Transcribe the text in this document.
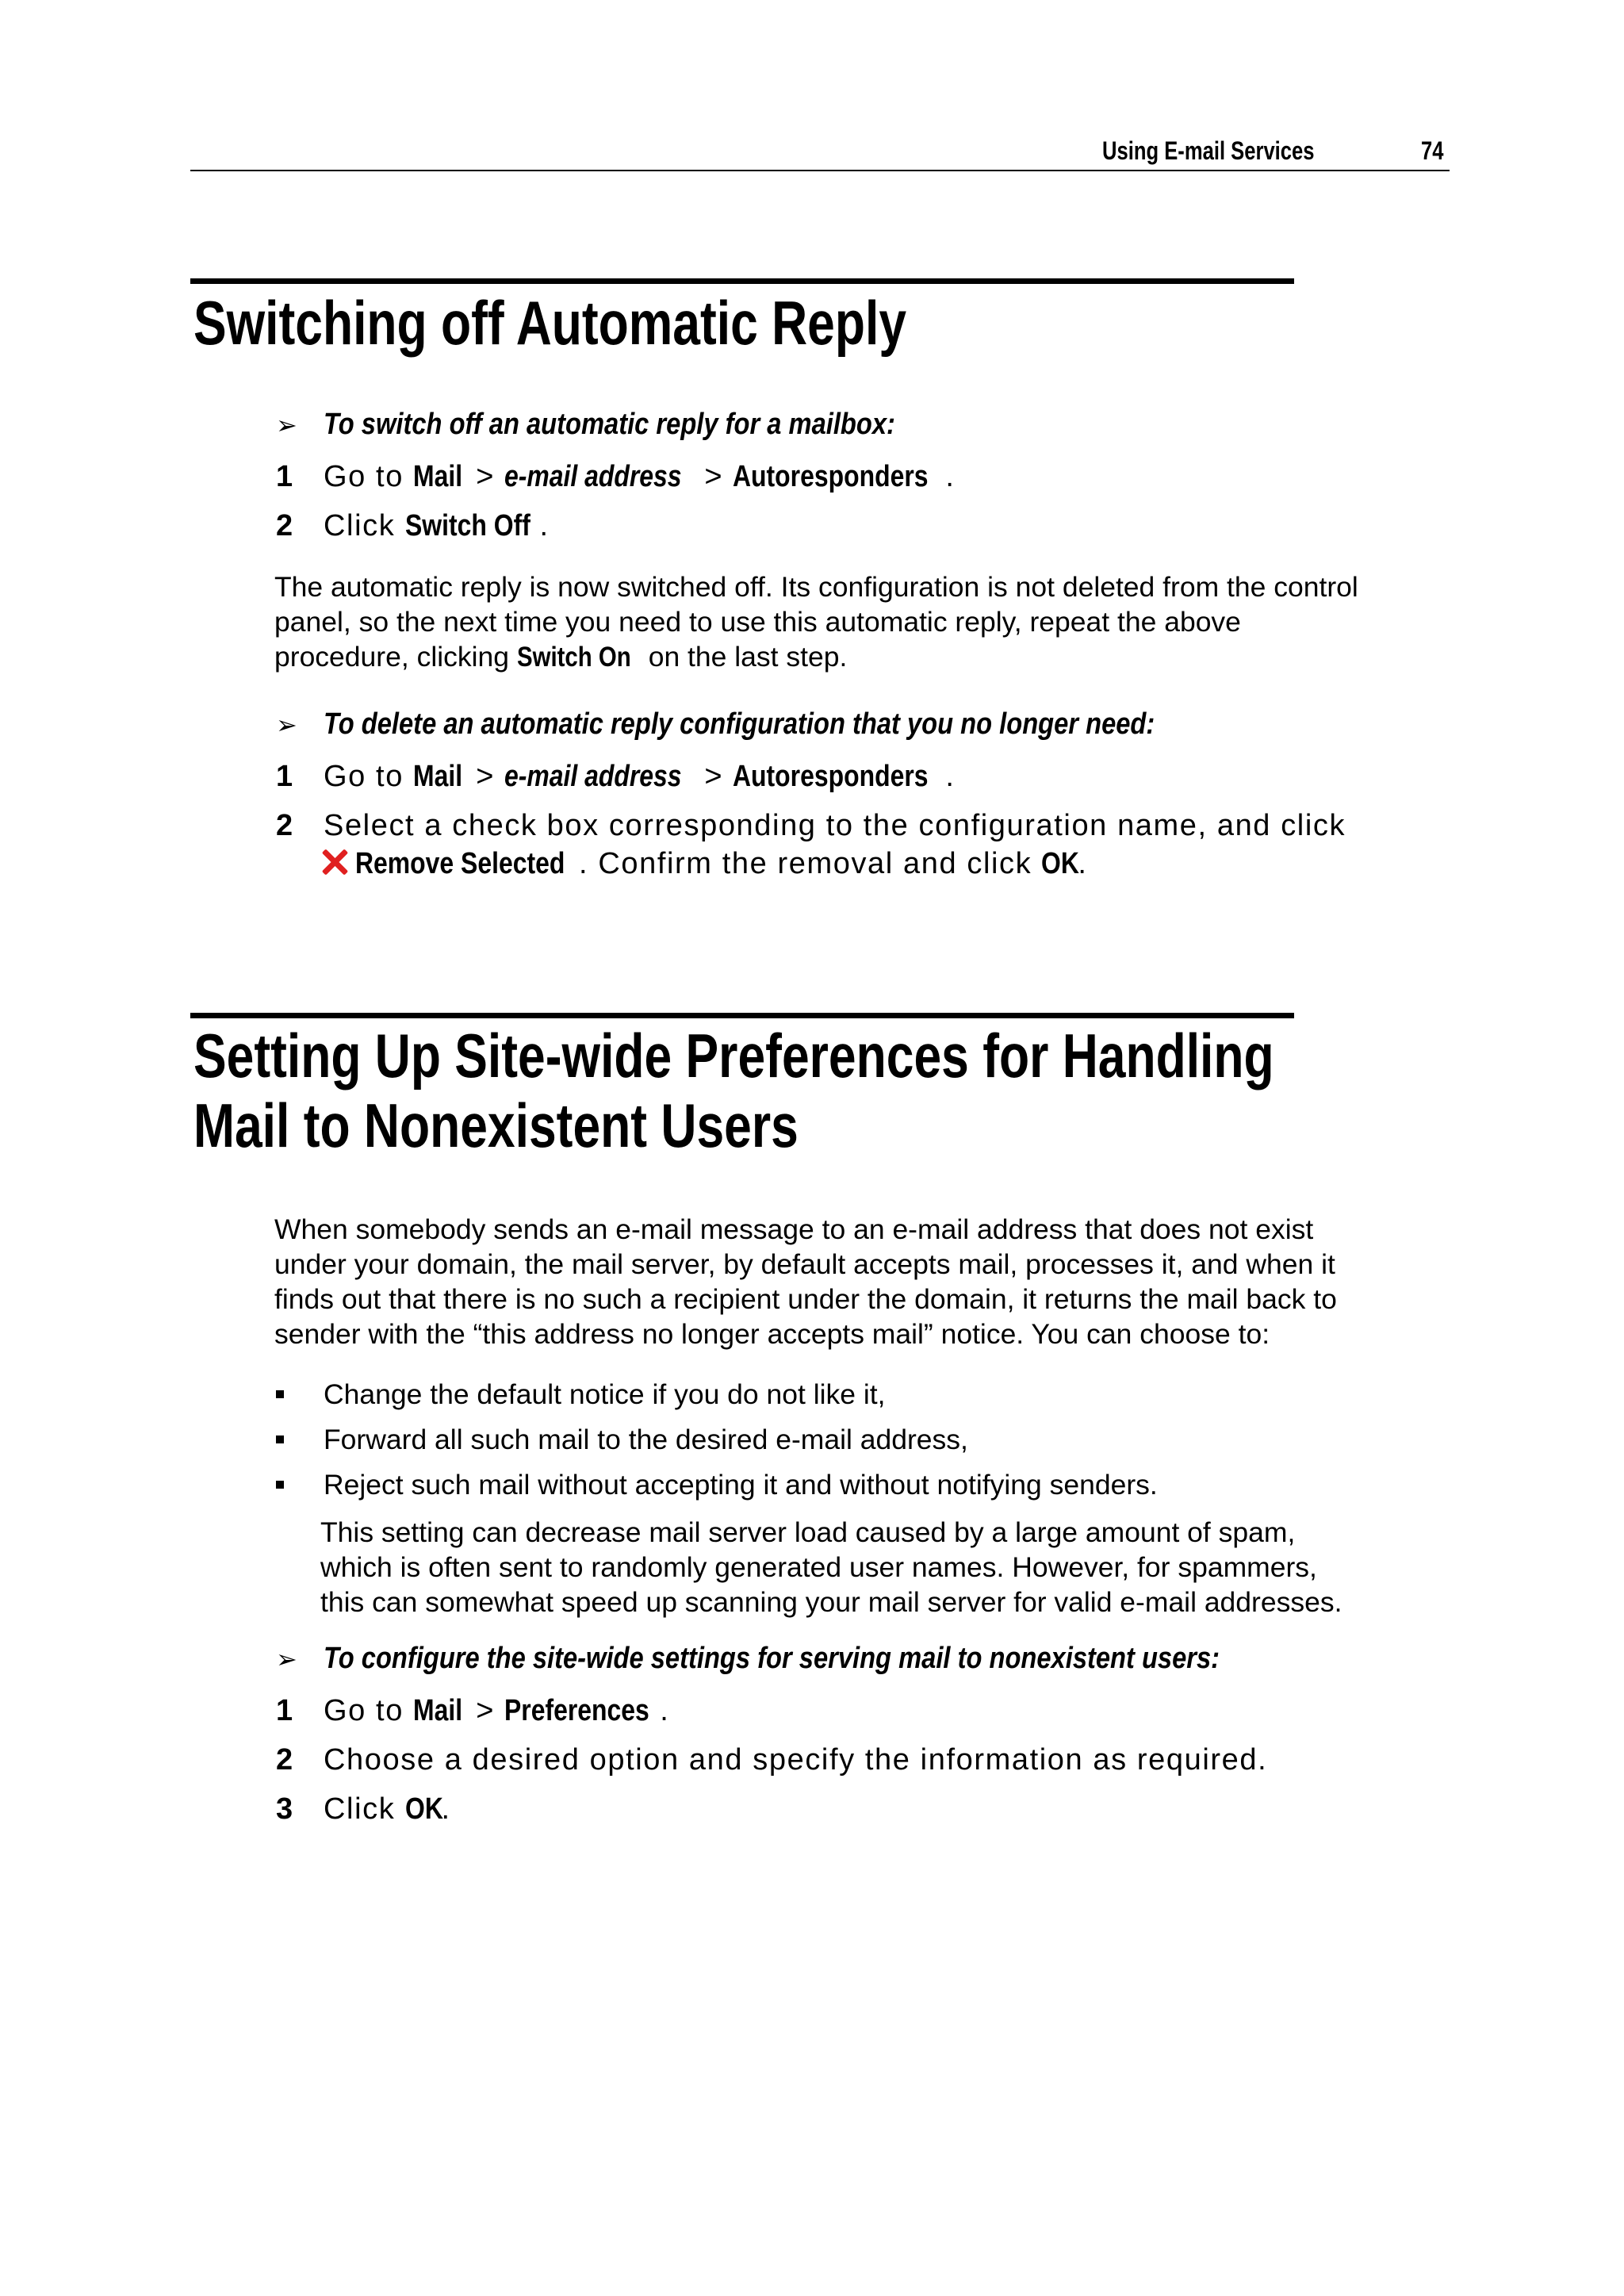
Using E-mail Services	74
Switching off Automatic Reply
➢ To switch off an automatic reply for a mailbox:
1 Go to Mail > e-mail address > Autoresponders .
2 Click Switch Off .
The automatic reply is now switched off. Its configuration is not deleted from the control
panel, so the next time you need to use this automatic reply, repeat the above
procedure, clicking Switch On on the last step.
➢ To delete an automatic reply configuration that you no longer need:
1 Go to Mail > e-mail address > Autoresponders .
2 Select a check box corresponding to the configuration name, and click
Remove Selected . Confirm the removal and click OK.
Setting Up Site-wide Preferences for Handling
Mail to Nonexistent Users
When somebody sends an e-mail message to an e-mail address that does not exist
under your domain, the mail server, by default accepts mail, processes it, and when it
finds out that there is no such a recipient under the domain, it returns the mail back to
sender with the “this address no longer accepts mail” notice. You can choose to:
Change the default notice if you do not like it,
Forward all such mail to the desired e-mail address,
Reject such mail without accepting it and without notifying senders.
This setting can decrease mail server load caused by a large amount of spam,
which is often sent to randomly generated user names. However, for spammers,
this can somewhat speed up scanning your mail server for valid e-mail addresses.
➢ To configure the site-wide settings for serving mail to nonexistent users:
1 Go to Mail > Preferences .
2 Choose a desired option and specify the information as required.
3 Click OK.
